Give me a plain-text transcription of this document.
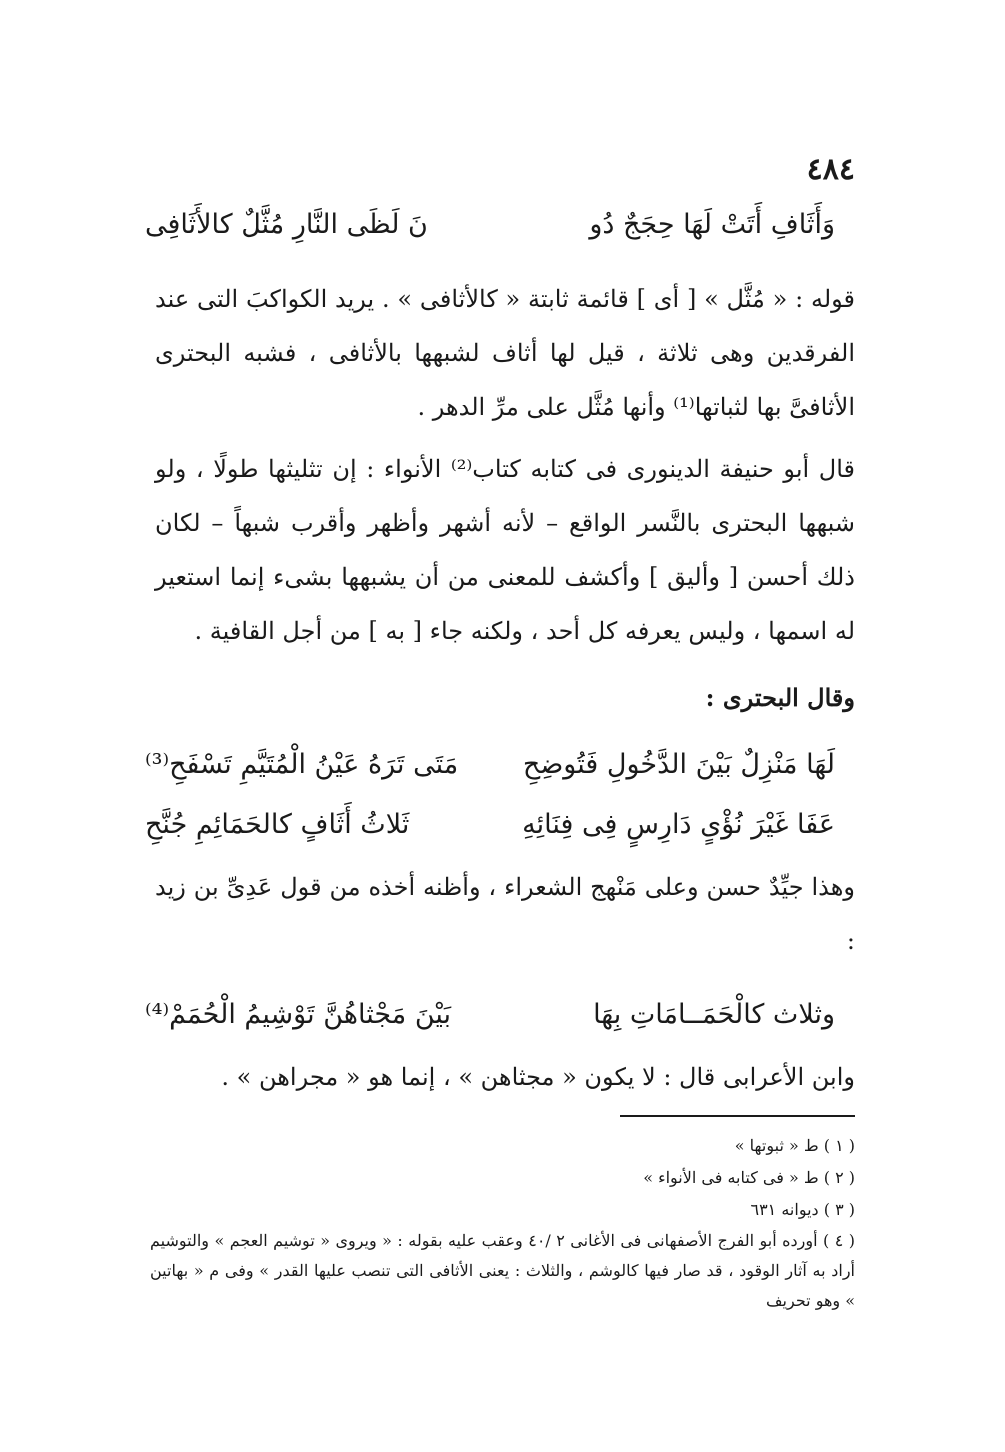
٤٨٤
وَأَثَافِ أَتَتْ لَهَا حِجَجٌ دُو
نَ لَظَى النَّارِ مُثَّلٌ كالأَثَافِى

قوله : « مُثَّل » [ أى ] قائمة ثابتة « كالأثافى » . يريد الكواكبَ التى عند الفرقدين وهى ثلاثة ، قيل لها أثاف لشبهها بالأثافى ، فشبه البحترى الأثافىَّ بها لثباتها⁽¹⁾ وأنها مُثَّل على مرِّ الدهر .

قال أبو حنيفة الدينورى فى كتابه كتاب⁽²⁾ الأنواء : إن تثليثها طولًا ، ولو شبهها البحترى بالنَّسر الواقع – لأنه أشهر وأظهر وأقرب شبهاً – لكان ذلك أحسن [ وأليق ] وأكشف للمعنى من أن يشبهها بشىء إنما استعير له اسمها ، وليس يعرفه كل أحد ، ولكنه جاء [ به ] من أجل القافية .

وقال البحترى :
لَهَا مَنْزِلٌ بَيْنَ الدَّخُولِ فَتُوضِحِ
مَتَى تَرَهُ عَيْنُ الْمُتَيَّمِ تَسْفَحِ⁽³⁾
عَفَا غَيْرَ نُؤْىٍ دَارِسٍ فِى فِنَائِهِ
ثَلاثُ أَثَافٍ كالحَمَائِمِ جُنَّحِ

وهذا جيِّدٌ حسن وعلى مَنْهج الشعراء ، وأظنه أخذه من قول عَدِىِّ بن زيد :

وثلاث كالْحَمَــامَاتِ بِهَا
بَيْنَ مَجْثاهُنَّ تَوْشِيمُ الْحُمَمْ⁽⁴⁾

وابن الأعرابى قال : لا يكون « مجثاهن » ، إنما هو « مجراهن » .

( ١ ) ط « ثبوتها »

( ٢ ) ط « فى كتابه فى الأنواء »

( ٣ ) ديوانه ٦٣١

( ٤ ) أورده أبو الفرج الأصفهانى فى الأغانى ٢ /٤٠ وعقب عليه بقوله : « ويروى « توشيم العجم » والتوشيم أراد به آثار الوقود ، قد صار فيها كالوشم ، والثلاث : يعنى الأثافى التى تنصب عليها القدر » وفى م « بهاتين » وهو تحريف
